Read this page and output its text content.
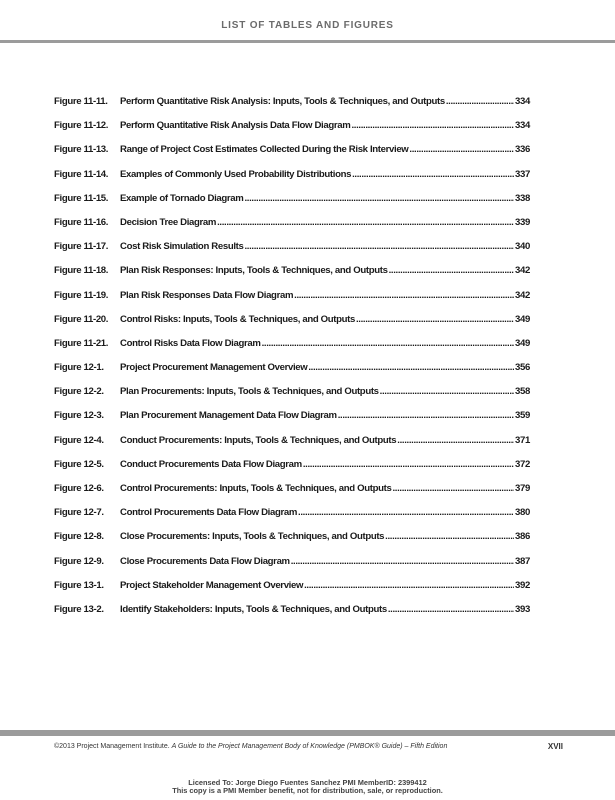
LIST OF TABLES AND FIGURES
Figure 11-11.	Perform Quantitative Risk Analysis: Inputs, Tools & Techniques, and Outputs .....	334
Figure 11-12.	Perform Quantitative Risk Analysis Data Flow Diagram .....	334
Figure 11-13.	Range of Project Cost Estimates Collected During the Risk Interview .....	336
Figure 11-14.	Examples of Commonly Used Probability Distributions .....	337
Figure 11-15.	Example of Tornado Diagram .....	338
Figure 11-16.	Decision Tree Diagram .....	339
Figure 11-17.	Cost Risk Simulation Results .....	340
Figure 11-18.	Plan Risk Responses: Inputs, Tools & Techniques, and Outputs .....	342
Figure 11-19.	Plan Risk Responses Data Flow Diagram .....	342
Figure 11-20.	Control Risks: Inputs, Tools & Techniques, and Outputs .....	349
Figure 11-21.	Control Risks Data Flow Diagram .....	349
Figure 12-1.	Project Procurement Management Overview .....	356
Figure 12-2.	Plan Procurements: Inputs, Tools & Techniques, and Outputs .....	358
Figure 12-3.	Plan Procurement Management Data Flow Diagram .....	359
Figure 12-4.	Conduct Procurements: Inputs, Tools & Techniques, and Outputs .....	371
Figure 12-5.	Conduct Procurements Data Flow Diagram .....	372
Figure 12-6.	Control Procurements: Inputs, Tools & Techniques, and Outputs .....	379
Figure 12-7.	Control Procurements Data Flow Diagram .....	380
Figure 12-8.	Close Procurements: Inputs, Tools & Techniques, and Outputs .....	386
Figure 12-9.	Close Procurements Data Flow Diagram .....	387
Figure 13-1.	Project Stakeholder Management Overview .....	392
Figure 13-2.	Identify Stakeholders: Inputs, Tools & Techniques, and Outputs .....	393
©2013 Project Management Institute. A Guide to the Project Management Body of Knowledge (PMBOK® Guide) – Fifth Edition	XVII
Licensed To: Jorge Diego Fuentes Sanchez PMI MemberID: 2399412
This copy is a PMI Member benefit, not for distribution, sale, or reproduction.
